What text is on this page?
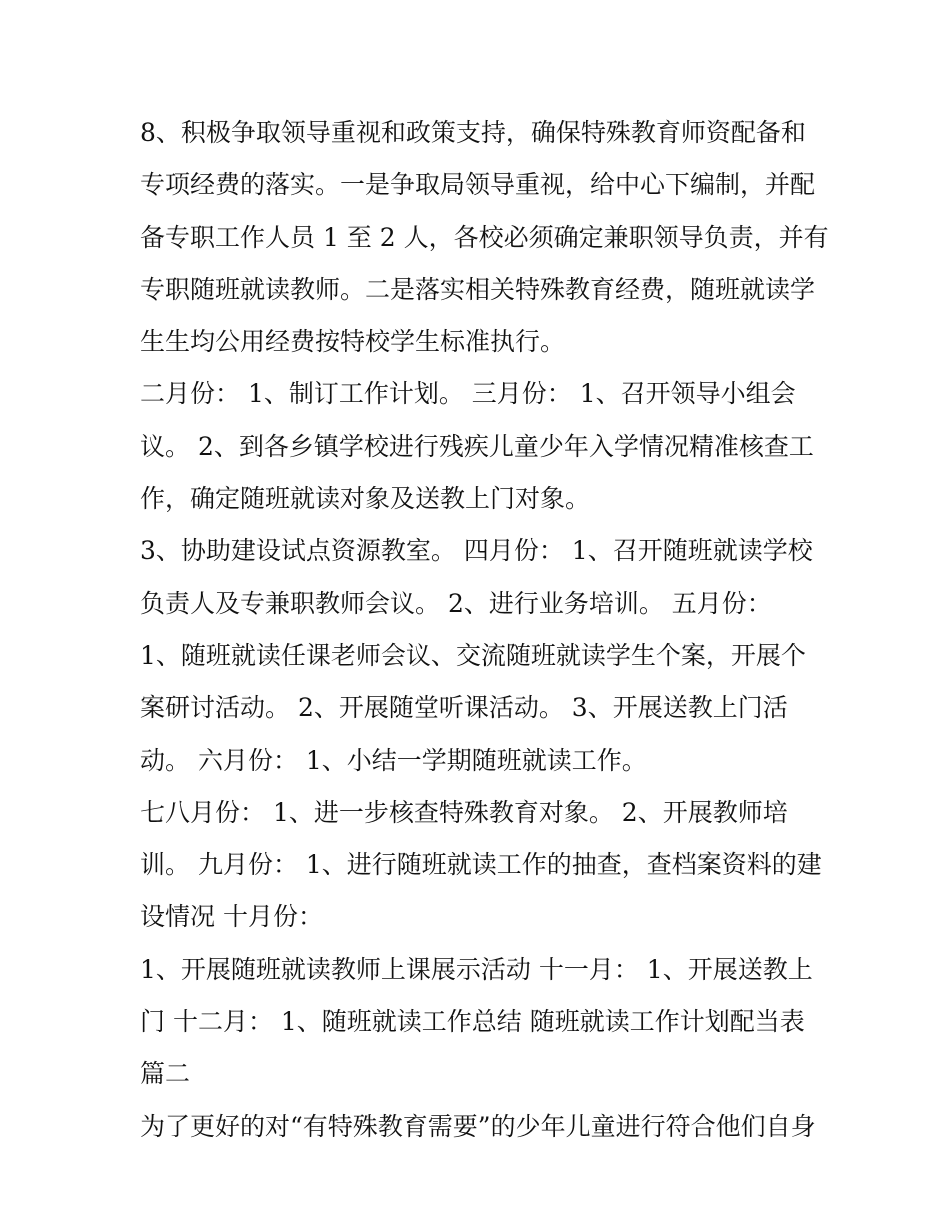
8、积极争取领导重视和政策支持，确保特殊教育师资配备和
专项经费的落实。一是争取局领导重视，给中心下编制，并配
备专职工作人员 1 至 2 人，各校必须确定兼职领导负责，并有
专职随班就读教师。二是落实相关特殊教育经费，随班就读学
生生均公用经费按特校学生标准执行。
二月份： 1、制订工作计划。 三月份： 1、召开领导小组会
议。 2、到各乡镇学校进行残疾儿童少年入学情况精准核查工
作，确定随班就读对象及送教上门对象。
3、协助建设试点资源教室。 四月份： 1、召开随班就读学校
负责人及专兼职教师会议。 2、进行业务培训。 五月份：
1、随班就读任课老师会议、交流随班就读学生个案，开展个
案研讨活动。 2、开展随堂听课活动。 3、开展送教上门活
动。 六月份： 1、小结一学期随班就读工作。
七八月份： 1、进一步核查特殊教育对象。 2、开展教师培
训。 九月份： 1、进行随班就读工作的抽查，查档案资料的建
设情况 十月份：
1、开展随班就读教师上课展示活动 十一月： 1、开展送教上
门 十二月： 1、随班就读工作总结 随班就读工作计划配当表
篇二
为了更好的对“有特殊教育需要”的少年儿童进行符合他们自身
